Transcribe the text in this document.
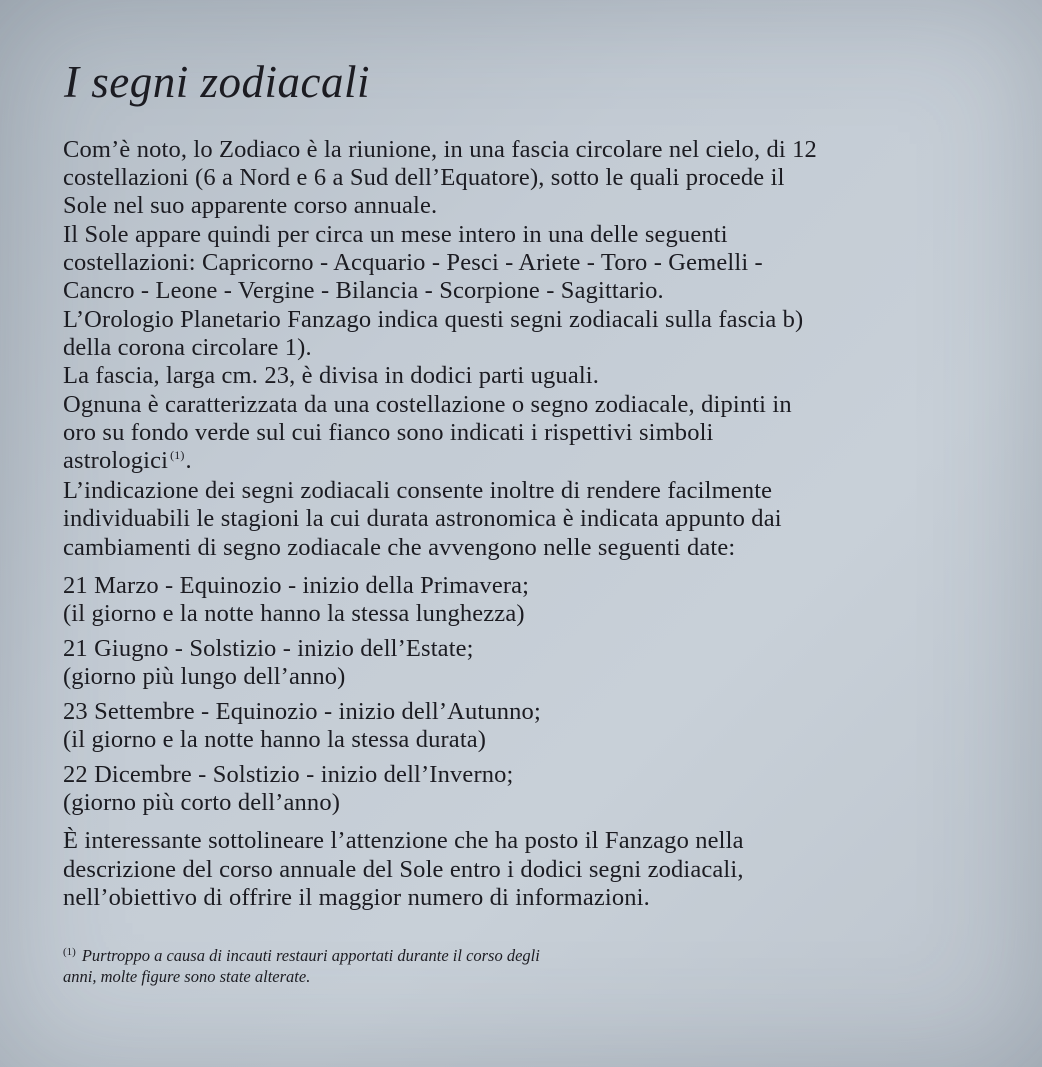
I segni zodiacali

Com’è noto, lo Zodiaco è la riunione, in una fascia circolare nel cielo, di 12

costellazioni (6 a Nord e 6 a Sud dell’Equatore), sotto le quali procede il

Sole nel suo apparente corso annuale.

Il Sole appare quindi per circa un mese intero in una delle seguenti

costellazioni: Capricorno - Acquario - Pesci - Ariete - Toro - Gemelli -

Cancro - Leone - Vergine - Bilancia - Scorpione - Sagittario.

L’Orologio Planetario Fanzago indica questi segni zodiacali sulla fascia b)

della corona circolare 1).

La fascia, larga cm. 23, è divisa in dodici parti uguali.

Ognuna è caratterizzata da una costellazione o segno zodiacale, dipinti in

oro su fondo verde sul cui fianco sono indicati i rispettivi simboli

astrologici $^{(1)}$.

L’indicazione dei segni zodiacali consente inoltre di rendere facilmente

individuabili le stagioni la cui durata astronomica è indicata appunto dai

cambiamenti di segno zodiacale che avvengono nelle seguenti date:

21 Marzo - Equinozio - inizio della Primavera;

(il giorno e la notte hanno la stessa lunghezza)

21 Giugno - Solstizio - inizio dell’Estate;

(giorno più lungo dell’anno)

23 Settembre - Equinozio - inizio dell’Autunno;

(il giorno e la notte hanno la stessa durata)

22 Dicembre - Solstizio - inizio dell’Inverno;

(giorno più corto dell’anno)

È interessante sottolineare l’attenzione che ha posto il Fanzago nella

descrizione del corso annuale del Sole entro i dodici segni zodiacali,

nell’obiettivo di offrire il maggior numero di informazioni.

$^{(1)}$ Purtroppo a causa di incauti restauri apportati durante il corso degli

anni, molte figure sono state alterate.
